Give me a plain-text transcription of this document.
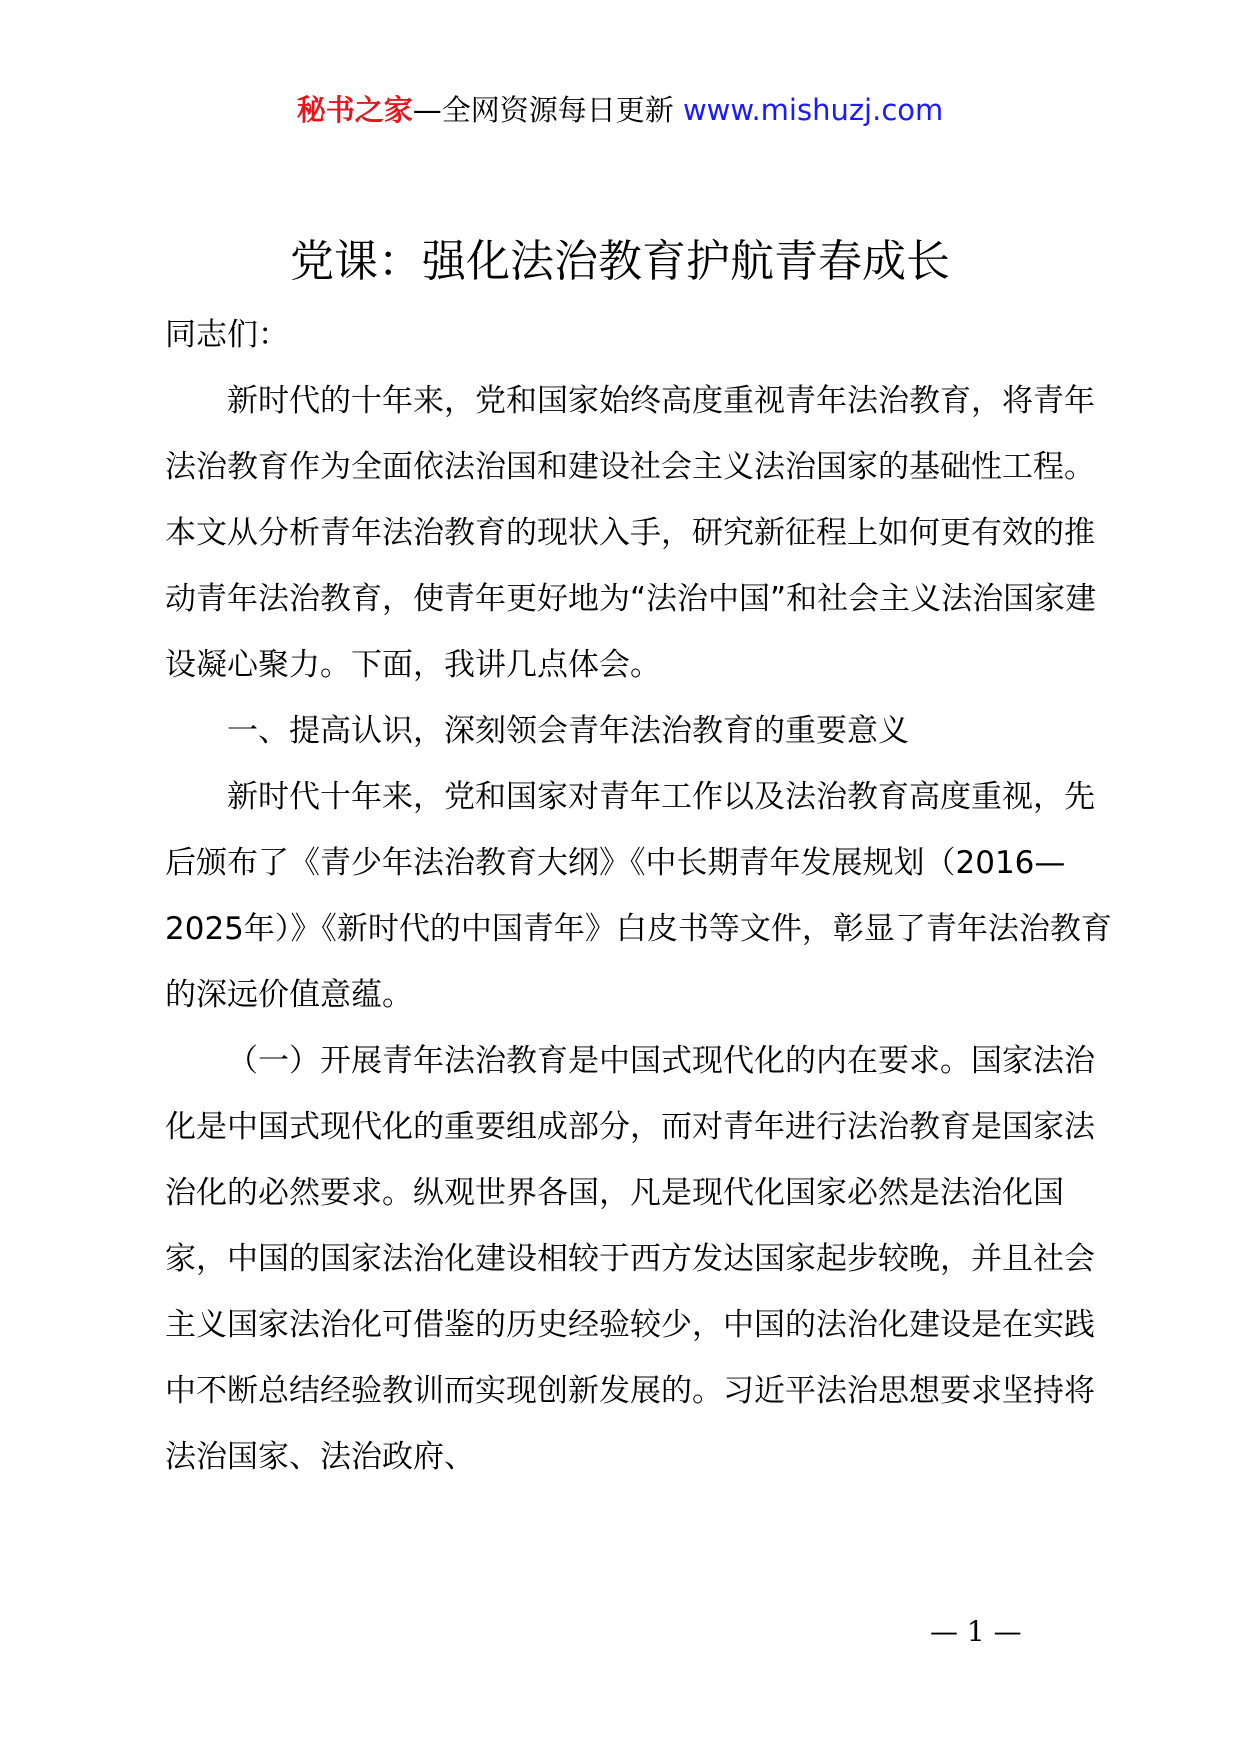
秘书之家—全网资源每日更新 www.mishuzj.com
党课：强化法治教育护航青春成长

同志们：

新时代的十年来，党和国家始终高度重视青年法治教育，将青年法治教育作为全面依法治国和建设社会主义法治国家的基础性工程。本文从分析青年法治教育的现状入手，研究新征程上如何更有效的推动青年法治教育，使青年更好地为“法治中国”和社会主义法治国家建设凝心聚力。下面，我讲几点体会。

一、提高认识，深刻领会青年法治教育的重要意义

新时代十年来，党和国家对青年工作以及法治教育高度重视，先后颁布了《青少年法治教育大纲》《中长期青年发展规划（2016—2025年）》《新时代的中国青年》白皮书等文件，彰显了青年法治教育的深远价值意蕴。

（一）开展青年法治教育是中国式现代化的内在要求。国家法治化是中国式现代化的重要组成部分，而对青年进行法治教育是国家法治化的必然要求。纵观世界各国，凡是现代化国家必然是法治化国家，中国的国家法治化建设相较于西方发达国家起步较晚，并且社会主义国家法治化可借鉴的历史经验较少，中国的法治化建设是在实践中不断总结经验教训而实现创新发展的。习近平法治思想要求坚持将法治国家、法治政府、

— 1 —
